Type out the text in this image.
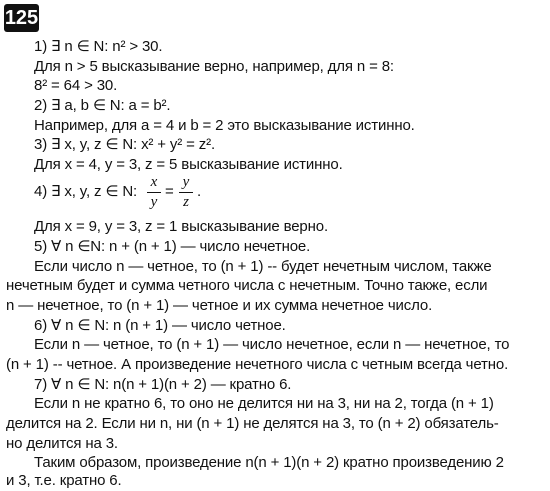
125
1) ∃ n ∈ N: n² > 30.
Для n > 5 высказывание верно, например, для n = 8:
8² = 64 > 30.
2) ∃ a, b ∈ N: a = b².
Например, для a = 4 и b = 2 это высказывание истинно.
3) ∃ x, y, z ∈ N: x² + y² = z².
Для x = 4, y = 3, z = 5 высказывание истинно.
4) ∃ x, y, z ∈ N:
x
y
=
y
z
.
Для x = 9, y = 3, z = 1 высказывание верно.
5) ∀ n ∈N: n + (n + 1) — число нечетное.
Если число n — четное, то (n + 1) -- будет нечетным числом, также
нечетным будет и сумма четного числа с нечетным. Точно также, если
n — нечетное, то (n + 1) — четное и их сумма нечетное число.
6) ∀ n ∈ N: n (n + 1) — число четное.
Если n — четное, то (n + 1) — число нечетное, если n — нечетное, то
(n + 1) -- четное. А произведение нечетного числа с четным всегда четно.
7) ∀ n ∈ N: n(n + 1)(n + 2) — кратно 6.
Если n не кратно 6, то оно не делится ни на 3, ни на 2, тогда (n + 1)
делится на 2. Если ни n, ни (n + 1) не делятся на 3, то (n + 2) обязатель-
но делится на 3.
Таким образом, произведение n(n + 1)(n + 2) кратно произведению 2
и 3, т.е. кратно 6.
